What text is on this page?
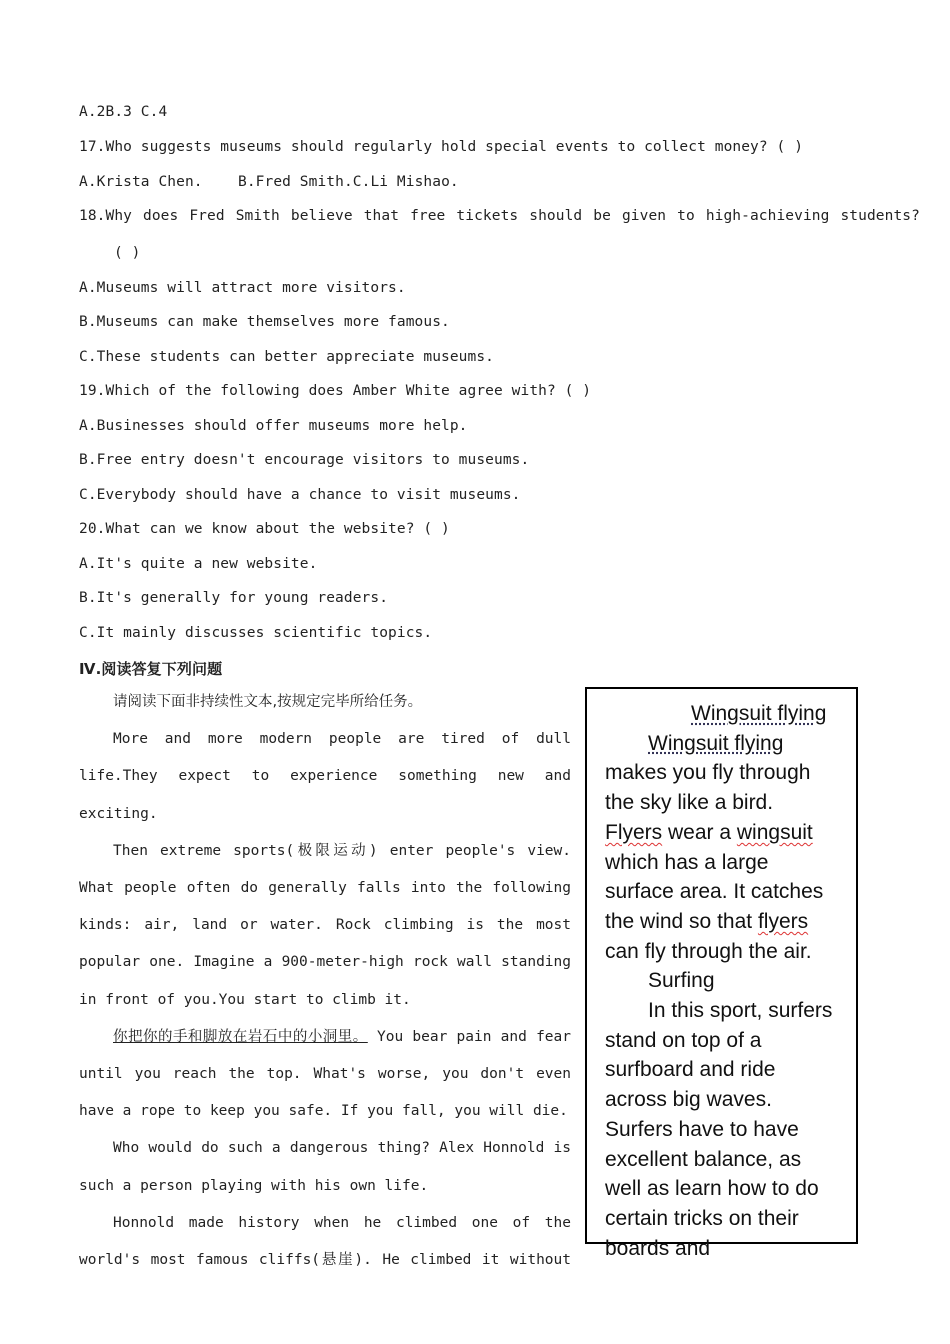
A.2B.3 C.4
17.Who suggests museums should regularly hold special events to collect money? ( )
A.Krista Chen. B.Fred Smith.C.Li Mishao.
18.Why does Fred Smith believe that free tickets should be given to high-achieving students?
( )
A.Museums will attract more visitors.
B.Museums can make themselves more famous.
C.These students can better appreciate museums.
19.Which of the following does Amber White agree with? ( )
A.Businesses should offer museums more help.
B.Free entry doesn't encourage visitors to museums.
C.Everybody should have a chance to visit museums.
20.What can we know about the website? ( )
A.It's quite a new website.
B.It's generally for young readers.
C.It mainly discusses scientific topics.
Ⅳ.阅读答复下列问题

请阅读下面非持续性文本,按规定完毕所给任务。

More and more modern people are tired of dull life.They expect to experience something new and exciting.

Then extreme sports(极限运动) enter people's view. What people often do generally falls into the following kinds: air, land or water. Rock climbing is the most popular one. Imagine a 900-meter-high rock wall standing in front of you.You start to climb it.

你把你的手和脚放在岩石中的小洞里。 You bear pain and fear until you reach the top. What's worse, you don't even have a rope to keep you safe. If you fall, you will die.

Who would do such a dangerous thing? Alex Honnold is such a person playing with his own life.

Honnold made history when he climbed one of the world's most famous cliffs(悬崖). He climbed it without

Wingsuit flying
Wingsuit flying
makes you fly through
the sky like a bird.
Flyers wear a wingsuit
which has a large
surface area. It catches
the wind so that flyers
can fly through the air.
Surfing
In this sport, surfers
stand on top of a
surfboard and ride
across big waves.
Surfers have to have
excellent balance, as
well as learn how to do
certain tricks on their
boards and
